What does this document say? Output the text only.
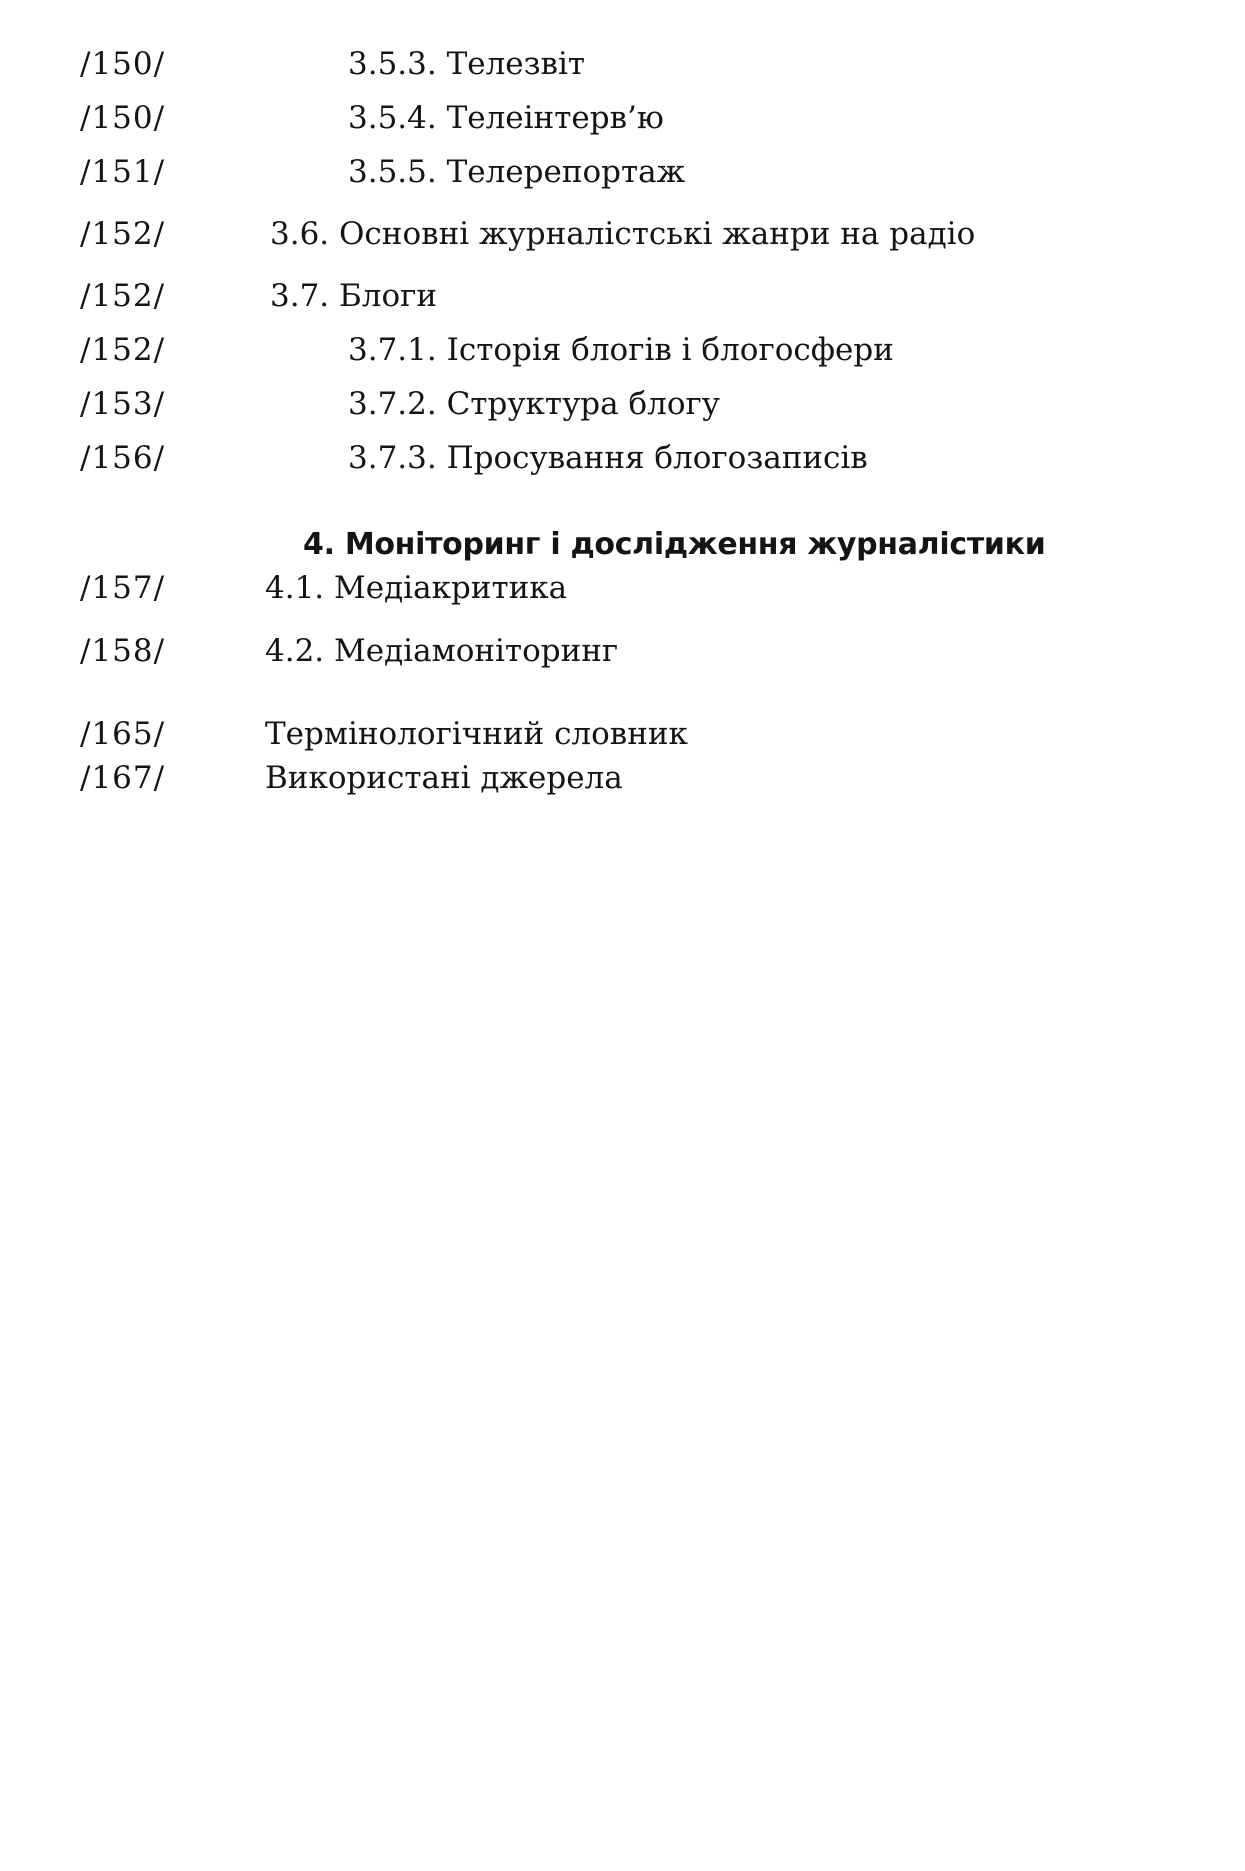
/150/	3.5.3. Телезвіт
/150/	3.5.4. Телеінтерв’ю
/151/	3.5.5. Телерепортаж
/152/	3.6. Основні журналістські жанри на радіо
/152/	3.7. Блоги
/152/	3.7.1. Історія блогів і блогосфери
/153/	3.7.2. Структура блогу
/156/	3.7.3. Просування блогозаписів
4. Моніторинг і дослідження журналістики
/157/	4.1. Медіакритика
/158/	4.2. Медіамоніторинг
/165/	Термінологічний словник
/167/	Використані джерела
